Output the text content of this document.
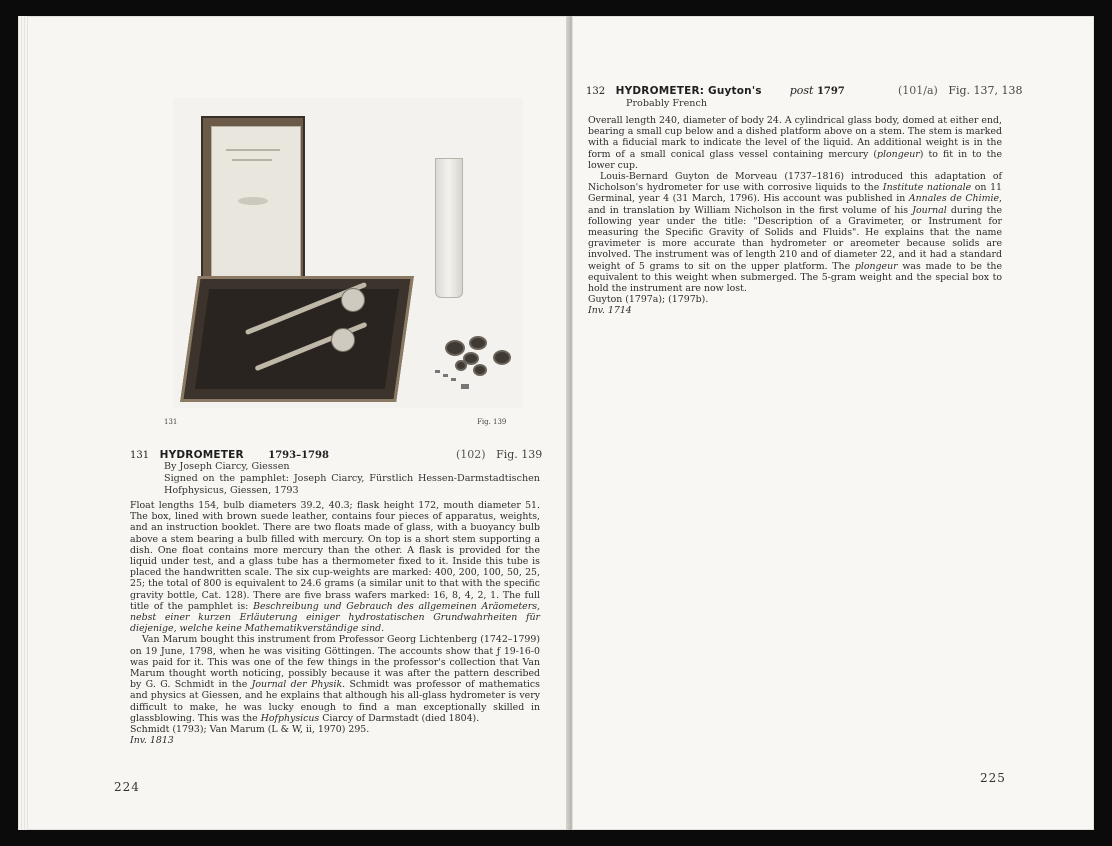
131	Fig. 139
131 HYDROMETER 1793–1798	(102) Fig. 139
By Joseph Ciarcy, Giessen
Signed on the pamphlet: Joseph Ciarcy, Fürstlich Hessen-Darmstadtischen Hofphysicus, Giessen, 1793

Float lengths 154, bulb diameters 39.2, 40.3; flask height 172, mouth diameter 51. The box, lined with brown suede leather, contains four pieces of apparatus, weights, and an instruction booklet. There are two floats made of glass, with a buoyancy bulb above a stem bearing a bulb filled with mercury. On top is a short stem supporting a dish. One float contains more mercury than the other. A flask is provided for the liquid under test, and a glass tube has a thermometer fixed to it. Inside this tube is placed the handwritten scale. The six cup-weights are marked: 400, 200, 100, 50, 25, 25; the total of 800 is equivalent to 24.6 grams (a similar unit to that with the specific gravity bottle, Cat. 128). There are five brass wafers marked: 16, 8, 4, 2, 1. The full title of the pamphlet is: Beschreibung und Gebrauch des allgemeinen Aräometers, nebst einer kurzen Erläuterung einiger hydrostatischen Grundwahrheiten für diejenige, welche keine Mathematikverständige sind.

Van Marum bought this instrument from Professor Georg Lichtenberg (1742–1799) on 19 June, 1798, when he was visiting Göttingen. The accounts show that ƒ 19-16-0 was paid for it. This was one of the few things in the professor's collection that Van Marum thought worth noticing, possibly because it was after the pattern described by G. G. Schmidt in the Journal der Physik. Schmidt was professor of mathematics and physics at Giessen, and he explains that although his all-glass hydrometer is very difficult to make, he was lucky enough to find a man exceptionally skilled in glassblowing. This was the Hofphysicus Ciarcy of Darmstadt (died 1804).

Schmidt (1793); Van Marum (L & W, ii, 1970) 295.

Inv. 1813

224
132 HYDROMETER: Guyton's	post 1797	(101/a) Fig. 137, 138
Probably French

Overall length 240, diameter of body 24. A cylindrical glass body, domed at either end, bearing a small cup below and a dished platform above on a stem. The stem is marked with a fiducial mark to indicate the level of the liquid. An additional weight is in the form of a small conical glass vessel containing mercury (plongeur) to fit in to the lower cup.

Louis-Bernard Guyton de Morveau (1737–1816) introduced this adaptation of Nicholson's hydrometer for use with corrosive liquids to the Institute nationale on 11 Germinal, year 4 (31 March, 1796). His account was published in Annales de Chimie, and in translation by William Nicholson in the first volume of his Journal during the following year under the title: "Description of a Gravimeter, or Instrument for measuring the Specific Gravity of Solids and Fluids". He explains that the name gravimeter is more accurate than hydrometer or areometer because solids are involved. The instrument was of length 210 and of diameter 22, and it had a standard weight of 5 grams to sit on the upper platform. The plongeur was made to be the equivalent to this weight when submerged. The 5-gram weight and the special box to hold the instrument are now lost.

Guyton (1797a); (1797b).

Inv. 1714

225
